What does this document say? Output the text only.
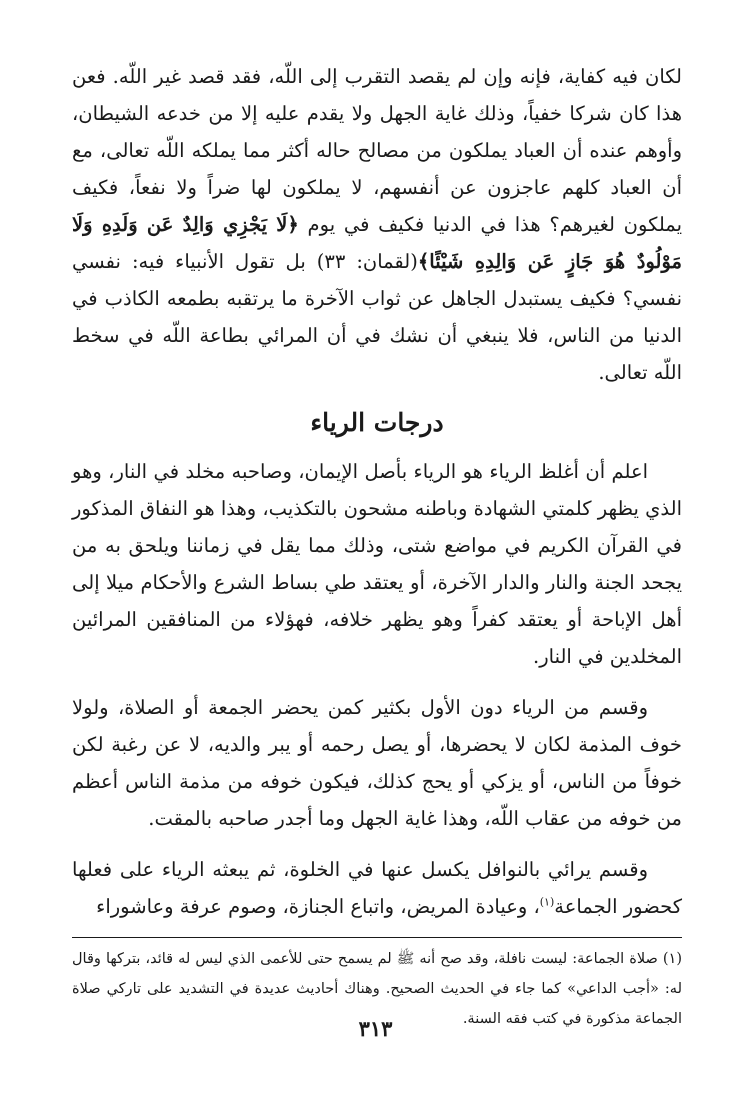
لكان فيه كفاية، فإنه وإن لم يقصد التقرب إلى اللّه، فقد قصد غير اللّه. فعن هذا كان شركا خفياً، وذلك غاية الجهل ولا يقدم عليه إلا من خدعه الشيطان، وأوهم عنده أن العباد يملكون من مصالح حاله أكثر مما يملكه اللّه تعالى، مع أن العباد كلهم عاجزون عن أنفسهم، لا يملكون لها ضراً ولا نفعاً، فكيف يملكون لغيرهم؟ هذا في الدنيا فكيف في يوم ﴿لَا يَجْزِي وَالِدٌ عَن وَلَدِهِ وَلَا مَوْلُودٌ هُوَ جَازٍ عَن وَالِدِهِ شَيْئًا﴾(لقمان: ٣٣) بل تقول الأنبياء فيه: نفسي نفسي؟ فكيف يستبدل الجاهل عن ثواب الآخرة ما يرتقبه بطمعه الكاذب في الدنيا من الناس، فلا ينبغي أن نشك في أن المرائي بطاعة اللّه في سخط اللّه تعالى.

درجات الرياء

اعلم أن أغلظ الرياء هو الرياء بأصل الإيمان، وصاحبه مخلد في النار، وهو الذي يظهر كلمتي الشهادة وباطنه مشحون بالتكذيب، وهذا هو النفاق المذكور في القرآن الكريم في مواضع شتى، وذلك مما يقل في زماننا ويلحق به من يجحد الجنة والنار والدار الآخرة، أو يعتقد طي بساط الشرع والأحكام ميلا إلى أهل الإباحة أو يعتقد كفراً وهو يظهر خلافه، فهؤلاء من المنافقين المرائين المخلدين في النار.

وقسم من الرياء دون الأول بكثير كمن يحضر الجمعة أو الصلاة، ولولا خوف المذمة لكان لا يحضرها، أو يصل رحمه أو يبر والديه، لا عن رغبة لكن خوفاً من الناس، أو يزكي أو يحج كذلك، فيكون خوفه من مذمة الناس أعظم من خوفه من عقاب اللّه، وهذا غاية الجهل وما أجدر صاحبه بالمقت.

وقسم يرائي بالنوافل يكسل عنها في الخلوة، ثم يبعثه الرياء على فعلها كحضور الجماعة$^{(١)}$، وعيادة المريض، واتباع الجنازة، وصوم عرفة وعاشوراء

(١) صلاة الجماعة: ليست نافلة، وقد صح أنه ﷺ لم يسمح حتى للأعمى الذي ليس له قائد، بتركها وقال له: «أجب الداعي» كما جاء في الحديث الصحيح. وهناك أحاديث عديدة في التشديد على تاركي صلاة الجماعة مذكورة في كتب فقه السنة.

٣١٣
